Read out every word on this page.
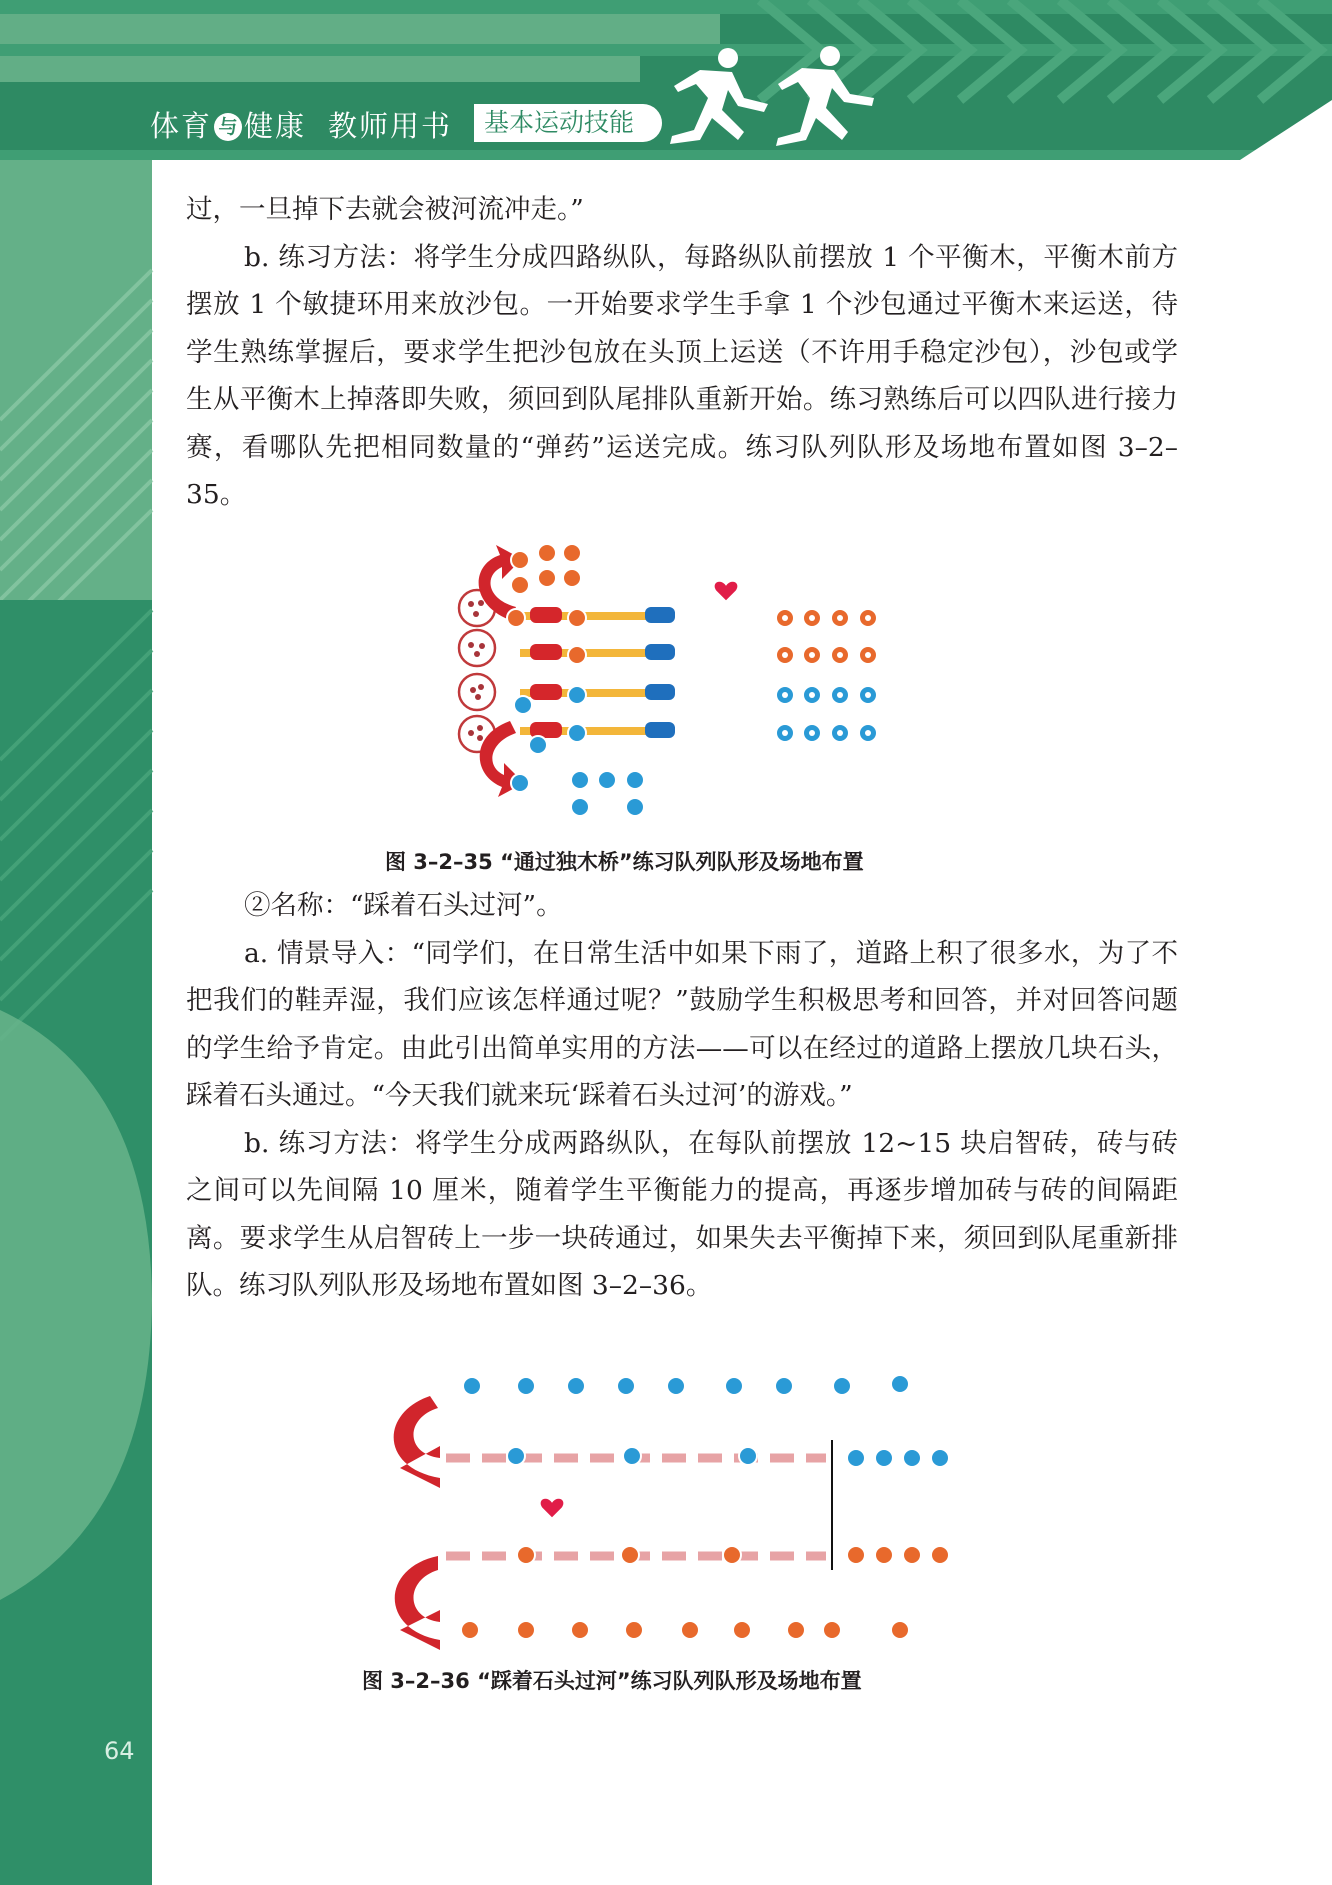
体育 与 健康 教师用书	基本运动技能

过，一旦掉下去就会被河流冲走。”

b. 练习方法：将学生分成四路纵队，每路纵队前摆放 1 个平衡木，平衡木前方摆放 1 个敏捷环用来放沙包。一开始要求学生手拿 1 个沙包通过平衡木来运送，待学生熟练掌握后，要求学生把沙包放在头顶上运送（不许用手稳定沙包），沙包或学生从平衡木上掉落即失败，须回到队尾排队重新开始。练习熟练后可以四队进行接力赛，看哪队先把相同数量的“弹药”运送完成。练习队列队形及场地布置如图 3–2–35。

图 3–2–35 “通过独木桥”练习队列队形及场地布置

②名称：“踩着石头过河”。

a. 情景导入：“同学们，在日常生活中如果下雨了，道路上积了很多水，为了不把我们的鞋弄湿，我们应该怎样通过呢？”鼓励学生积极思考和回答，并对回答问题的学生给予肯定。由此引出简单实用的方法——可以在经过的道路上摆放几块石头，踩着石头通过。“今天我们就来玩‘踩着石头过河’的游戏。”

b. 练习方法：将学生分成两路纵队，在每队前摆放 12~15 块启智砖，砖与砖之间可以先间隔 10 厘米，随着学生平衡能力的提高，再逐步增加砖与砖的间隔距离。要求学生从启智砖上一步一块砖通过，如果失去平衡掉下来，须回到队尾重新排队。练习队列队形及场地布置如图 3–2–36。

图 3–2–36 “踩着石头过河”练习队列队形及场地布置
64
